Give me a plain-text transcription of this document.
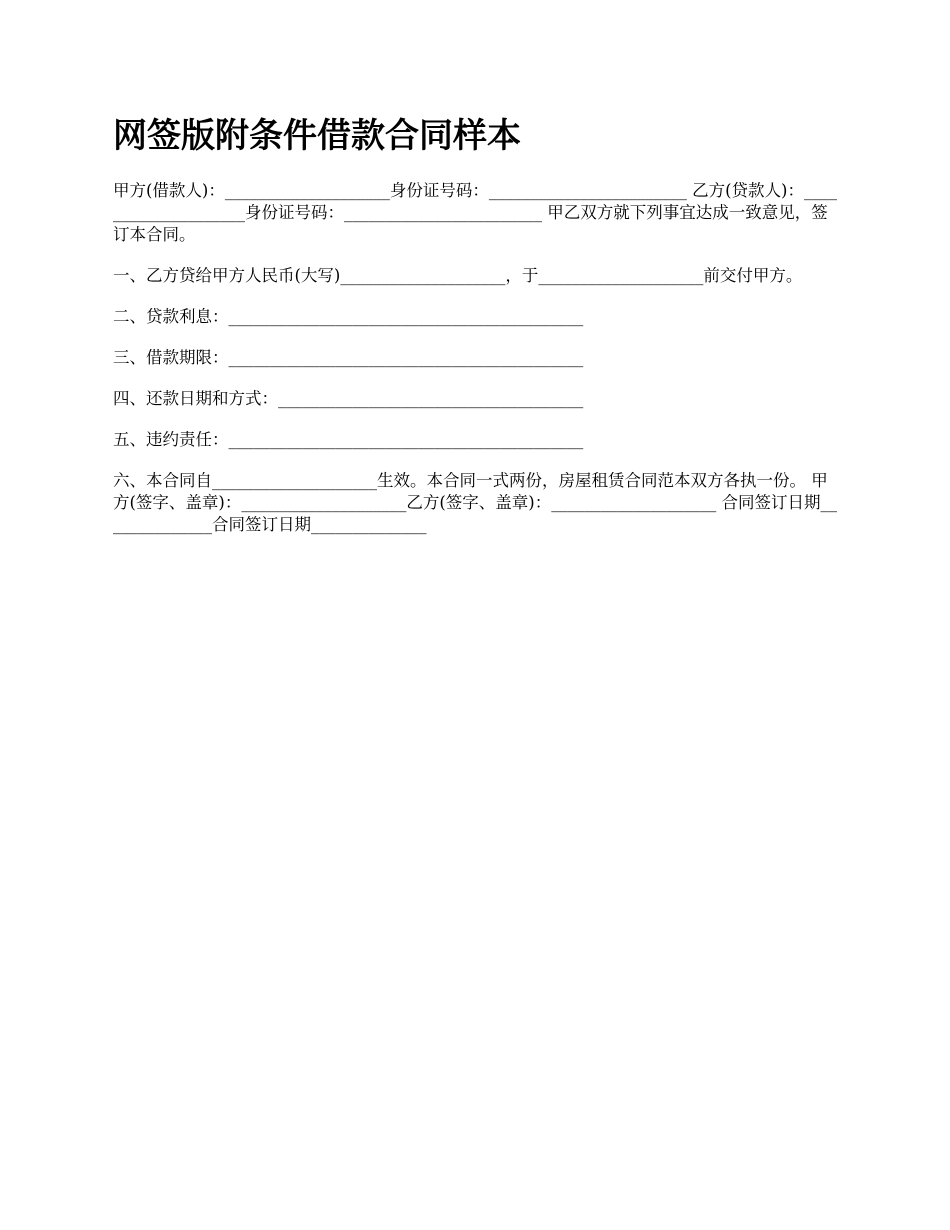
网签版附条件借款合同样本

甲方(借款人)：____________________身份证号码：________________________ 乙方(贷款人)：____________________身份证号码：________________________ 甲乙双方就下列事宜达成一致意见，签订本合同。

一、乙方贷给甲方人民币(大写)____________________，于____________________前交付甲方。

二、贷款利息：___________________________________________

三、借款期限：___________________________________________

四、还款日期和方式：_____________________________________

五、违约责任：___________________________________________

六、本合同自____________________生效。本合同一式两份，房屋租赁合同范本双方各执一份。 甲方(签字、盖章)：____________________乙方(签字、盖章)：____________________ 合同签订日期______________合同签订日期______________
